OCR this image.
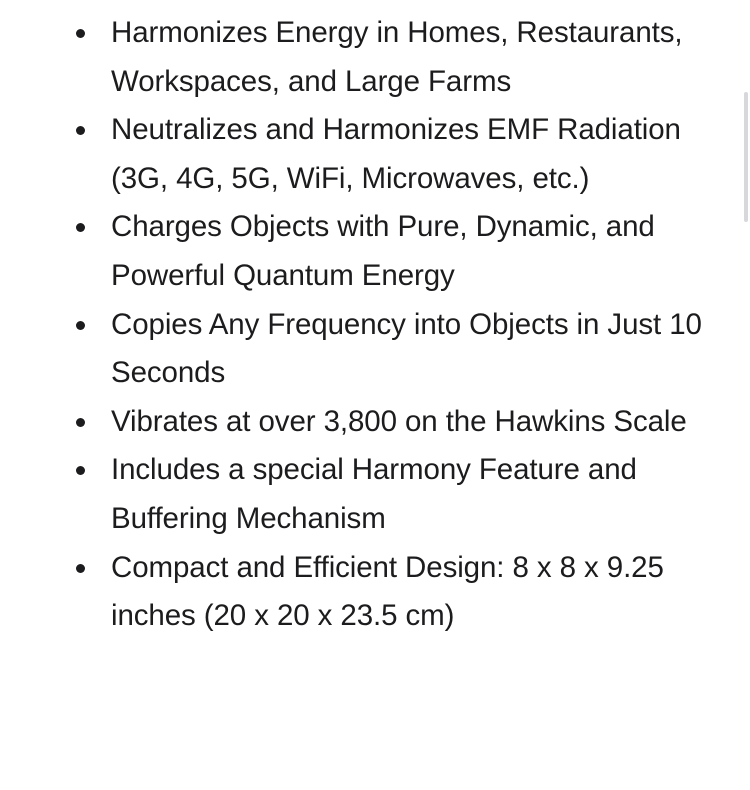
Harmonizes Energy in Homes, Restaurants, Workspaces, and Large Farms
Neutralizes and Harmonizes EMF Radiation (3G, 4G, 5G, WiFi, Microwaves, etc.)
Charges Objects with Pure, Dynamic, and Powerful Quantum Energy
Copies Any Frequency into Objects in Just 10 Seconds
Vibrates at over 3,800 on the Hawkins Scale
Includes a special Harmony Feature and Buffering Mechanism
Compact and Efficient Design: 8 x 8 x 9.25 inches (20 x 20 x 23.5 cm)
